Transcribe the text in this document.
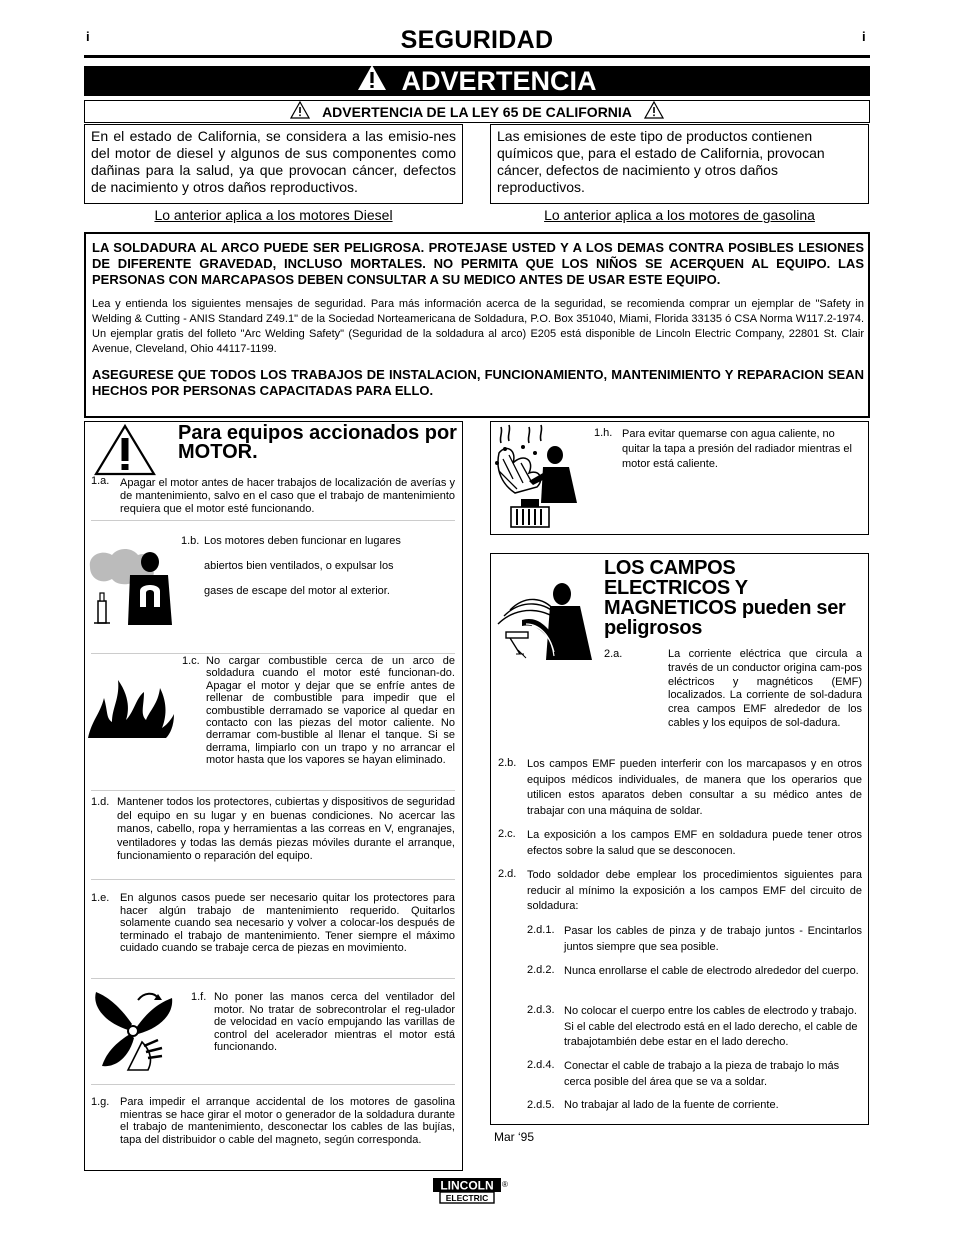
i	i
SEGURIDAD
ADVERTENCIA
ADVERTENCIA DE LA LEY 65 DE CALIFORNIA
En el estado de California, se considera a las emisio-nes del motor de diesel y algunos de sus componentes como dañinas para la salud, ya que provocan cáncer, defectos de nacimiento y otros daños reproductivos.
Las emisiones de este tipo de productos contienen químicos que, para el estado de California, provocan cáncer, defectos de nacimiento y otros daños reproductivos.
Lo anterior aplica a los motores Diesel	Lo anterior aplica a los motores de gasolina
LA SOLDADURA AL ARCO PUEDE SER PELIGROSA. PROTEJASE USTED Y A LOS DEMAS CONTRA POSIBLES LESIONES DE DIFERENTE GRAVEDAD, INCLUSO MORTALES. NO PERMITA QUE LOS NIÑOS SE ACERQUEN AL EQUIPO. LAS PERSONAS CON MARCAPASOS DEBEN CONSULTAR A SU MEDICO ANTES DE USAR ESTE EQUIPO.
Lea y entienda los siguientes mensajes de seguridad. Para más información acerca de la seguridad, se recomienda comprar un ejemplar de "Safety in Welding & Cutting - ANIS Standard Z49.1" de la Sociedad Norteamericana de Soldadura, P.O. Box 351040, Miami, Florida 33135 ó CSA Norma W117.2-1974. Un ejemplar gratis del folleto "Arc Welding Safety" (Seguridad de la soldadura al arco) E205 está disponible de Lincoln Electric Company, 22801 St. Clair Avenue, Cleveland, Ohio 44117-1199.
ASEGURESE QUE TODOS LOS TRABAJOS DE INSTALACION, FUNCIONAMIENTO, MANTENIMIENTO Y REPARACION SEAN HECHOS POR PERSONAS CAPACITADAS PARA ELLO.
Para equipos accionados por MOTOR.
1.a. Apagar el motor antes de hacer trabajos de localización de averías y de mantenimiento, salvo en el caso que el trabajo de mantenimiento requiera que el motor esté funcionando.
1.b. Los motores deben funcionar en lugares
abiertos bien ventilados, o expulsar los
gases de escape del motor al exterior.
1.c. No cargar combustible cerca de un arco de soldadura cuando el motor esté funcionan-do. Apagar el motor y dejar que se enfríe antes de rellenar de combustible para impedir que el combustible derramado se vaporice al quedar en contacto con las piezas del motor caliente. No derramar com-bustible al llenar el tanque. Si se derrama, limpiarlo con un trapo y no arrancar el motor hasta que los vapores se hayan eliminado.
1.d. Mantener todos los protectores, cubiertas y dispositivos de seguridad del equipo en su lugar y en buenas condiciones. No acercar las manos, cabello, ropa y herramientas a las correas en V, engranajes, ventiladores y todas las demás piezas móviles durante el arranque, funcionamiento o reparación del equipo.
1.e. En algunos casos puede ser necesario quitar los protectores para hacer algún trabajo de mantenimiento requerido. Quitarlos solamente cuando sea necesario y volver a colocar-los después de terminado el trabajo de mantenimiento. Tener siempre el máximo cuidado cuando se trabaje cerca de piezas en movimiento.
1.f. No poner las manos cerca del ventilador del motor. No tratar de sobrecontrolar el reg-ulador de velocidad en vacío empujando las varillas de control del acelerador mientras el motor está funcionando.
1.g. Para impedir el arranque accidental de los motores de gasolina mientras se hace girar el motor o generador de la soldadura durante el trabajo de mantenimiento, desconectar los cables de las bujías, tapa del distribuidor o cable del magneto, según corresponda.
1.h. Para evitar quemarse con agua caliente, no quitar la tapa a presión del radiador mientras el motor está caliente.
LOS CAMPOS ELECTRICOS Y MAGNETICOS pueden ser peligrosos
2.a.	La corriente eléctrica que circula a través de un conductor origina cam-pos eléctricos y magnéticos (EMF) localizados. La corriente de sol-dadura crea campos EMF alrededor de los cables y los equipos de sol-dadura.
2.b. Los campos EMF pueden interferir con los marcapasos y en otros equipos médicos individuales, de manera que los operarios que utilicen estos aparatos deben consultar a su médico antes de trabajar con una máquina de soldar.
2.c. La exposición a los campos EMF en soldadura puede tener otros efectos sobre la salud que se desconocen.
2.d. Todo soldador debe emplear los procedimientos siguientes para reducir al mínimo la exposición a los campos EMF del circuito de soldadura:
2.d.1. Pasar los cables de pinza y de trabajo juntos - Encintarlos juntos siempre que sea posible.
2.d.2. Nunca enrollarse el cable de electrodo alrededor del cuerpo.
2.d.3. No colocar el cuerpo entre los cables de electrodo y trabajo. Si el cable del electrodo está en el lado derecho, el cable de trabajotambién debe estar en el lado derecho.
2.d.4. Conectar el cable de trabajo a la pieza de trabajo lo más cerca posible del área que se va a soldar.
2.d.5. No trabajar al lado de la fuente de corriente.
Mar ‘95
LINCOLN
ELECTRIC
®
